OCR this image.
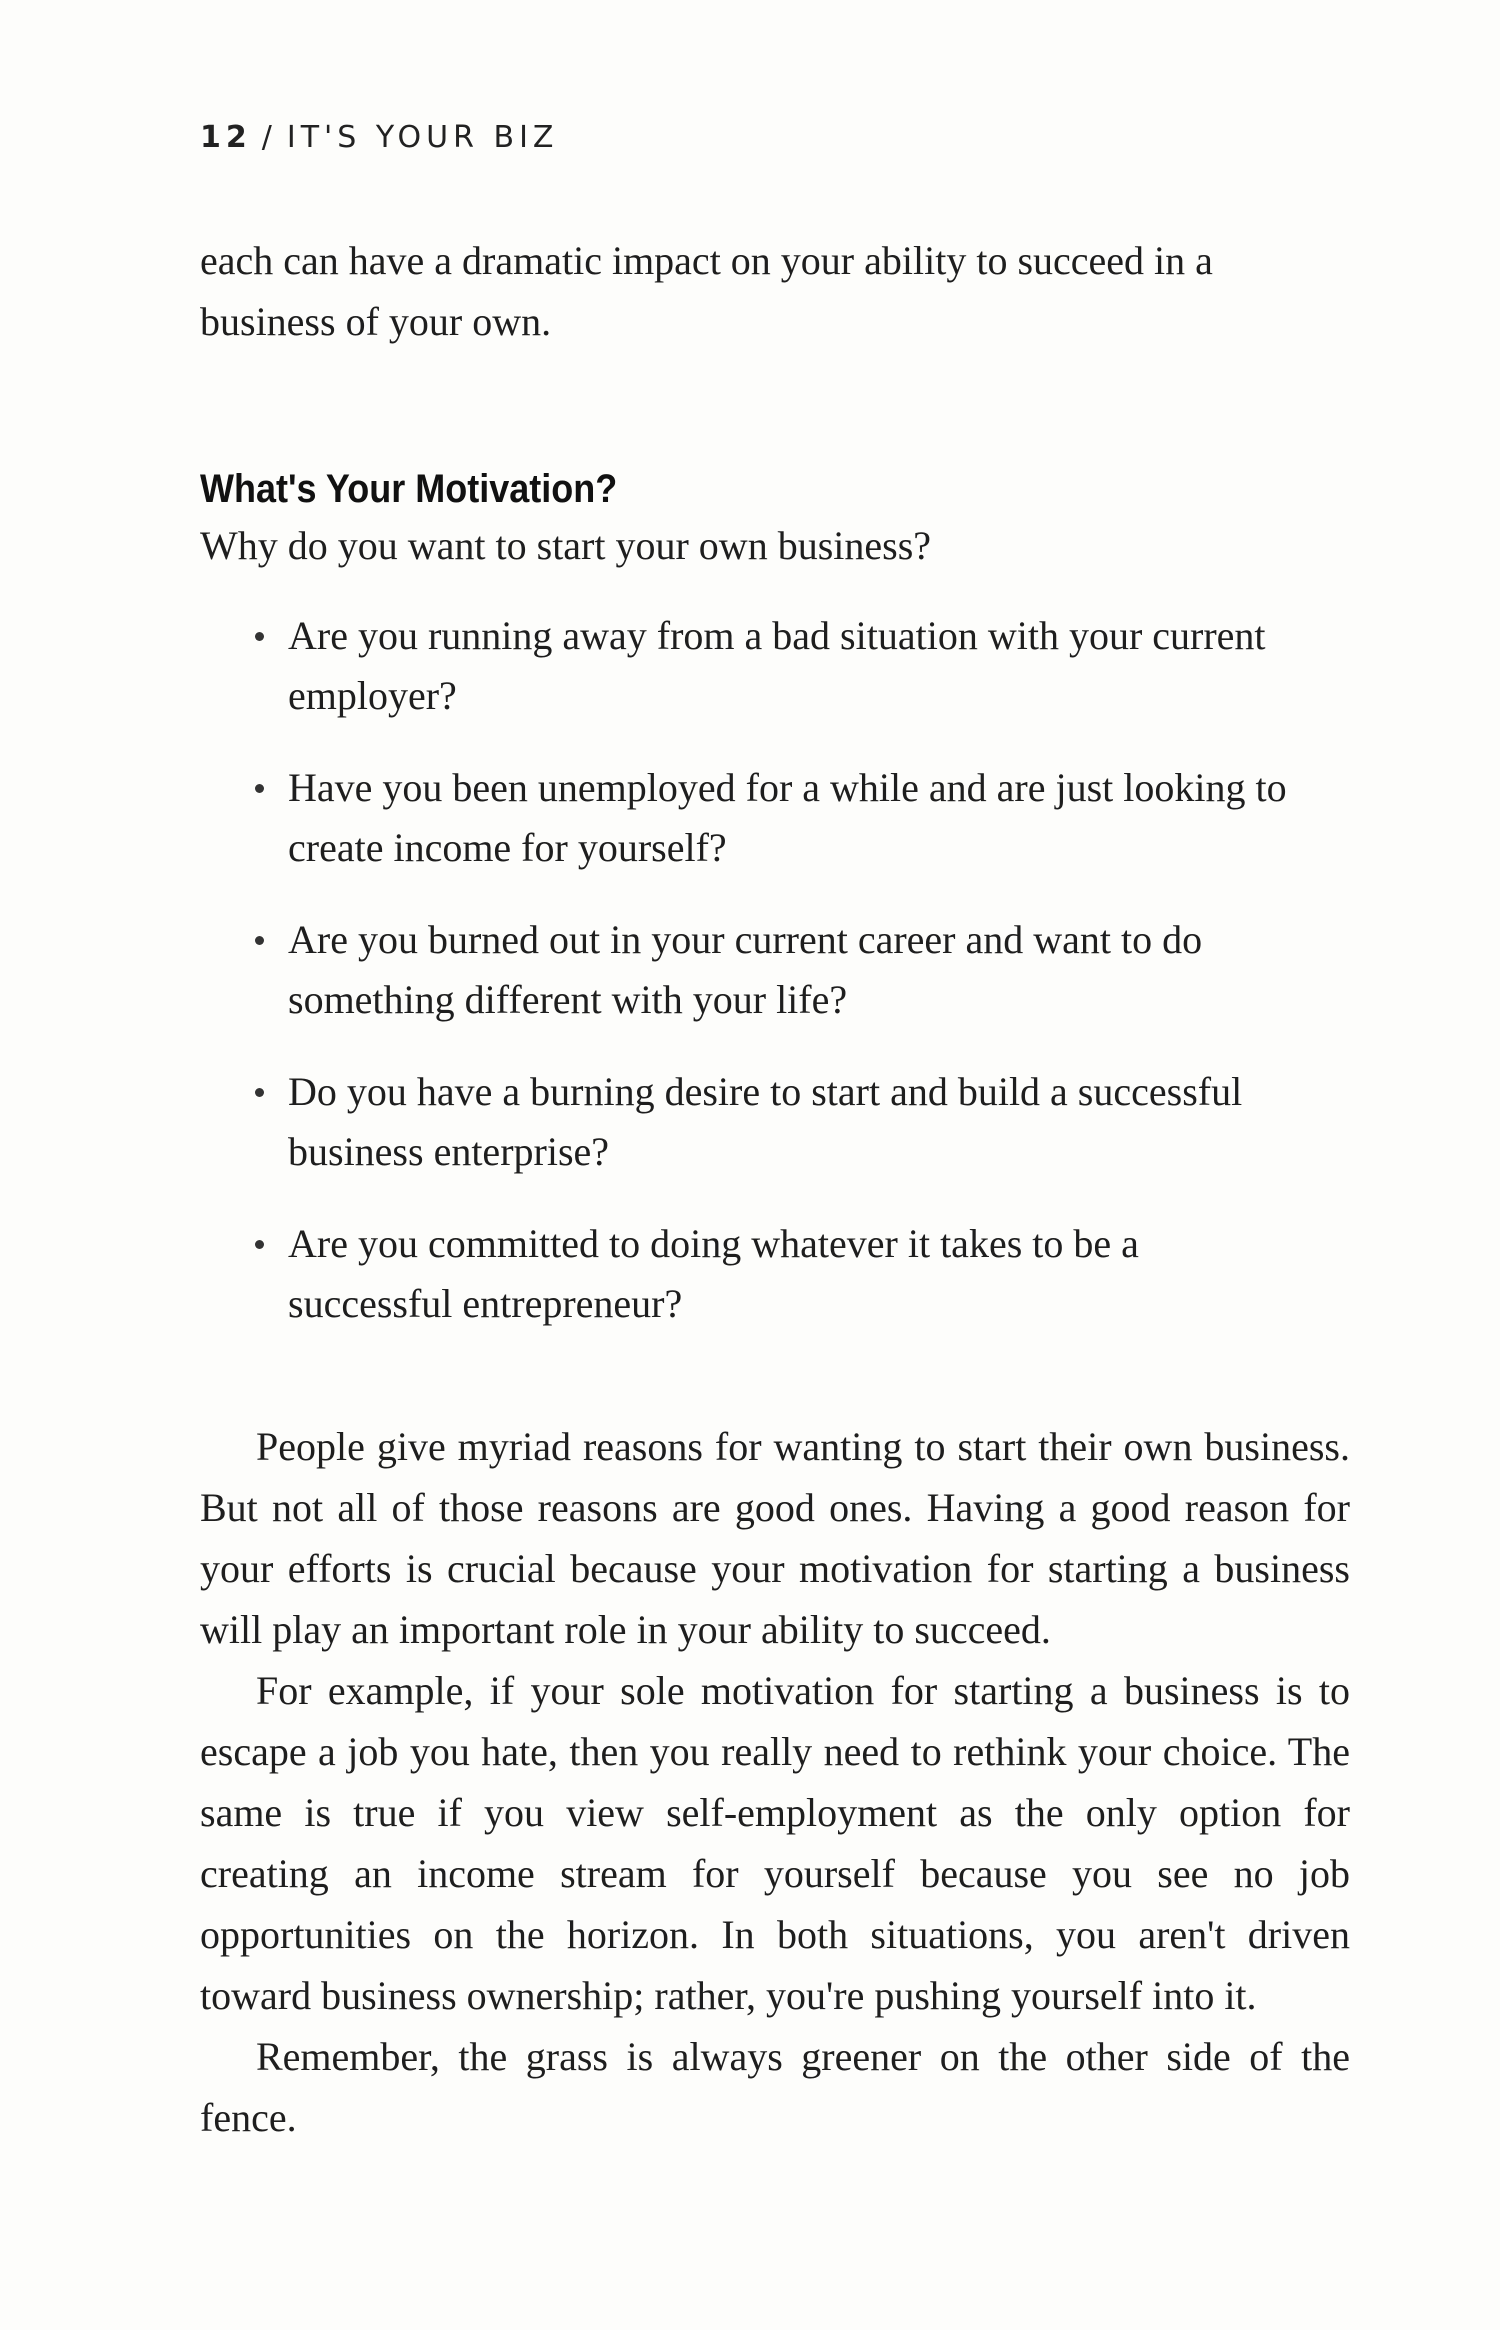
12 / IT'S YOUR BIZ
each can have a dramatic impact on your ability to succeed in a business of your own.
What's Your Motivation?
Why do you want to start your own business?
Are you running away from a bad situation with your current employer?
Have you been unemployed for a while and are just looking to create income for yourself?
Are you burned out in your current career and want to do something different with your life?
Do you have a burning desire to start and build a successful business enterprise?
Are you committed to doing whatever it takes to be a successful entrepreneur?

People give myriad reasons for wanting to start their own business. But not all of those reasons are good ones. Having a good reason for your efforts is crucial because your motivation for starting a business will play an important role in your ability to succeed.

For example, if your sole motivation for starting a business is to escape a job you hate, then you really need to rethink your choice. The same is true if you view self-employment as the only option for creating an income stream for yourself because you see no job opportunities on the horizon. In both situations, you aren't driven toward business ownership; rather, you're pushing yourself into it.

Remember, the grass is always greener on the other side of the fence.
